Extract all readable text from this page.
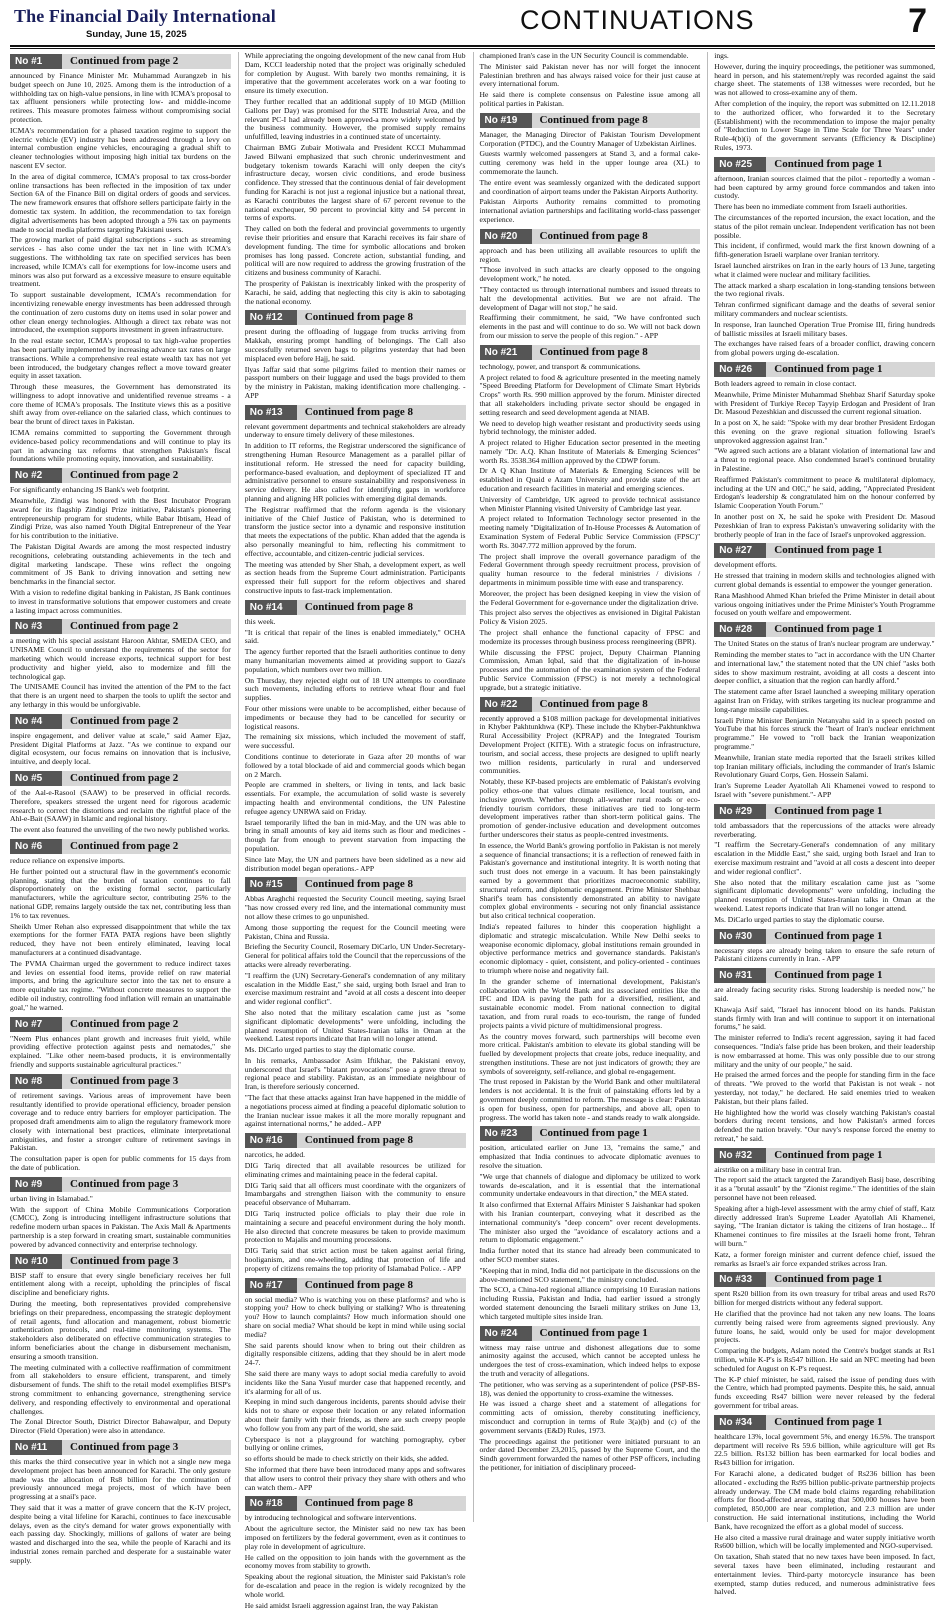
The Financial Daily International
Sunday, June 15, 2025	CONTINUATIONS	7
No #1	Continued from page 2

announced by Finance Minister Mr. Muhammad Aurangzeb in his budget speech on June 10, 2025. Among them is the introduction of a withholding tax on high-value pensions, in line with ICMA's proposal to tax affluent pensioners while protecting low- and middle-income retirees. This measure promotes fairness without compromising social protection.

ICMA's recommendation for a phased taxation regime to support the electric vehicle (EV) industry has been addressed through a levy on internal combustion engine vehicles, encouraging a gradual shift to cleaner technologies without imposing high initial tax burdens on the nascent EV sector.

In the area of digital commerce, ICMA's proposal to tax cross-border online transactions has been reflected in the imposition of tax under Section 6A of the Finance Bill on digital orders of goods and services. The new framework ensures that offshore sellers participate fairly in the domestic tax system. In addition, the recommendation to tax foreign digital advertisements has been adopted through a 5% tax on payments made to social media platforms targeting Pakistani users.

The growing market of paid digital subscriptions - such as streaming services - has also come under the tax net in line with ICMA's suggestions. The withholding tax rate on specified services has been increased, while ICMA's call for exemptions for low-income users and minors was also put forward as a excessive measure to ensure equitable treatment.

To support sustainable development, ICMA's recommendation for incentivizing renewable energy investments has been addressed through the continuation of zero customs duty on items used in solar power and other clean energy technologies. Although a direct tax rebate was not introduced, the exemption supports investment in green infrastructure.

In the real estate sector, ICMA's proposal to tax high-value properties has been partially implemented by increasing advance tax rates on large transactions. While a comprehensive real estate wealth tax has not yet been introduced, the budgetary changes reflect a move toward greater equity in asset taxation.

Through these measures, the Government has demonstrated its willingness to adopt innovative and unidentified revenue streams - a core theme of ICMA's proposals. The Institute views this as a positive shift away from over-reliance on the salaried class, which continues to bear the brunt of direct taxes in Pakistan.

ICMA remains committed to supporting the Government through evidence-based policy recommendations and will continue to play its part in advancing tax reforms that strengthen Pakistan's fiscal foundations while promoting equity, innovation, and sustainability.

No #2	Continued from page 2

For significantly enhancing JS Bank's web footprint.

Meanwhile, Zindigi was honored with the Best Incubator Program award for its flagship Zindigi Prize initiative, Pakistan's pioneering entrepreneurship program for students, while Babar Ibtisam, Head of Zindigi Prize, was also named Youth Digital Entrepreneur of the Year for his contribution to the initiative.

The Pakistan Digital Awards are among the most respected industry recognitions, celebrating outstanding achievements in the tech and digital marketing landscape. These wins reflect the ongoing commitment of JS Bank to driving innovation and setting new benchmarks in the financial sector.

With a vision to redefine digital banking in Pakistan, JS Bank continues to invest in transformative solutions that empower customers and create a lasting impact across communities.

No #3	Continued from page 2

a meeting with his special assistant Haroon Akhtar, SMEDA CEO, and UNISAME Council to understand the requirements of the sector for marketing which would increase exports, technical support for best productivity and higher yield, also to modernize and fill the technological gap.

The UNISAME Council has invited the attention of the PM to the fact that there is an urgent need to sharpen the tools to uplift the sector and any lethargy in this would be unforgivable.

No #4	Continued from page 2

inspire engagement, and deliver value at scale," said Aamer Ejaz, President Digital Platforms at Jazz. "As we continue to expand our digital ecosystem, our focus remains on innovation that is inclusive, intuitive, and deeply local.

No #5	Continued from page 2

of the Aal-e-Rasool (SAAW) to be preserved in official records. Therefore, speakers stressed the urgent need for rigorous academic research to correct the distortions and reclaim the rightful place of the Ahl-e-Bait (SAAW) in Islamic and regional history.

The event also featured the unveiling of the two newly published works.

No #6	Continued from page 2

reduce reliance on expensive imports.

He further pointed out a structural flaw in the government's economic planning, stating that the burden of taxation continues to fall disproportionately on the existing formal sector, particularly manufacturers, while the agriculture sector, contributing 25% to the national GDP, remains largely outside the tax net, contributing less than 1% to tax revenues.

Sheikh Umer Rehan also expressed disappointment that while the tax exemptions for the former FATA PATA regions have been slightly reduced, they have not been entirely eliminated, leaving local manufacturers at a continued disadvantage.

The PVMA Chairman urged the government to reduce indirect taxes and levies on essential food items, provide relief on raw material imports, and bring the agriculture sector into the tax net to ensure a more equitable tax regime. "Without concrete measures to support the edible oil industry, controlling food inflation will remain an unattainable goal," he warned.

No #7	Continued from page 2

"Neem Plus enhances plant growth and increases fruit yield, while providing effective protection against pests and nematodes," she explained. "Like other neem-based products, it is environmentally friendly and supports sustainable agricultural practices."

No #8	Continued from page 3

of retirement savings. Various areas of improvement have been resultantly identified to provide operational efficiency, broader pension coverage and to reduce entry barriers for employer participation. The proposed draft amendments aim to align the regulatory framework more closely with international best practices, eliminate interpretational ambiguities, and foster a stronger culture of retirement savings in Pakistan.

The consultation paper is open for public comments for 15 days from the date of publication.

No #9	Continued from page 3

urban living in Islamabad."

With the support of China Mobile Communications Corporation (CMCC), Zong is introducing intelligent infrastructure solutions that redefine modern urban spaces in Pakistan. The Axis Mall & Apartments partnership is a step forward in creating smart, sustainable communities powered by advanced connectivity and enterprise technology.

No #10	Continued from page 3

BISP staff to ensure that every single beneficiary receives her full entitlement along with a receipt, upholding the principles of fiscal discipline and beneficiary rights.

During the meeting, both representatives provided comprehensive briefings on their preparedness, encompassing the strategic deployment of retail agents, fund allocation and management, robust biometric authentication protocols, and real-time monitoring systems. The stakeholders also deliberated on effective communication strategies to inform beneficiaries about the change in disbursement mechanism, ensuring a smooth transition.

The meeting culminated with a collective reaffirmation of commitment from all stakeholders to ensure efficient, transparent, and timely disbursement of funds. The shift to the retail model exemplifies BISP's strong commitment to enhancing governance, strengthening service delivery, and responding effectively to environmental and operational challenges.

The Zonal Director South, District Director Bahawalpur, and Deputy Director (Field Operation) were also in attendance.

No #11	Continued from page 3

this marks the third consecutive year in which not a single new mega development project has been announced for Karachi. The only gesture made was the allocation of Rs8 billion for the continuation of previously announced mega projects, most of which have been progressing at a snail's pace.

They said that it was a matter of grave concern that the K-IV project, despite being a vital lifeline for Karachi, continues to face inexcusable delays, even as the city's demand for water grows exponentially with each passing day. Shockingly, millions of gallons of water are being wasted and discharged into the sea, while the people of Karachi and its industrial zones remain parched and desperate for a sustainable water supply.

While appreciating the ongoing development of the new canal from Hub Dam, KCCI leadership noted that the project was originally scheduled for completion by August. With barely two months remaining, it is imperative that the government accelerates work on a war footing to ensure its timely execution.

They further recalled that an additional supply of 10 MGD (Million Gallons per Day) was promised for the SITE Industrial Area, and the relevant PC-I had already been approved-a move widely welcomed by the business community. However, the promised supply remains unfulfilled, leaving industries in a continued state of uncertainty.

Chairman BMG Zubair Motiwala and President KCCI Muhammad Jawed Bilwani emphasized that such chronic underinvestment and budgetary tokenism towards Karachi will only deepen the city's infrastructure decay, worsen civic conditions, and erode business confidence. They stressed that the continuous denial of fair development funding for Karachi is not just a regional injustice but a national threat, as Karachi contributes the largest share of 67 percent revenue to the national exchequer, 90 percent to provincial kitty and 54 percent in terms of exports.

They called on both the federal and provincial governments to urgently revise their priorities and ensure that Karachi receives its fair share of development funding. The time for symbolic allocations and broken promises has long passed. Concrete action, substantial funding, and political will are now required to address the growing frustration of the citizens and business community of Karachi.

The prosperity of Pakistan is inextricably linked with the prosperity of Karachi, he said, adding that neglecting this city is akin to sabotaging the national economy.

No #12	Continued from page 8

present during the offloading of luggage from trucks arriving from Makkah, ensuring prompt handling of belongings. The Call also successfully returned seven bags to pilgrims yesterday that had been misplaced even before Hajj, he said.

Ilyas Jaffar said that some pilgrims failed to mention their names or passport numbers on their luggage and used the bags provided to them by the ministry in Pakistan, making identification more challenging. - APP

No #13	Continued from page 8

relevant government departments and technical stakeholders are already underway to ensure timely delivery of these milestones.

In addition to IT reforms, the Registrar underscored the significance of strengthening Human Resource Management as a parallel pillar of institutional reform. He stressed the need for capacity building, performance-based evaluation, and deployment of specialized IT and administrative personnel to ensure sustainability and responsiveness in service delivery. He also called for identifying gaps in workforce planning and aligning HR policies with emerging digital demands.

The Registrar reaffirmed that the reform agenda is the visionary initiative of the Chief Justice of Pakistan, who is determined to transform the justice sector into a dynamic and responsive institution that meets the expectations of the public. Khan added that the agenda is also personally meaningful to him, reflecting his commitment to effective, accountable, and citizen-centric judicial services.

The meeting was attended by Sher Shah, a development expert, as well as section heads from the Supreme Court administration. Participants expressed their full support for the reform objectives and shared constructive inputs to fast-track implementation.

No #14	Continued from page 8

this week.

"It is critical that repair of the lines is enabled immediately," OCHA said.

The agency further reported that the Israeli authorities continue to deny many humanitarian movements aimed at providing support to Gaza's population, which numbers over two million.

On Thursday, they rejected eight out of 18 UN attempts to coordinate such movements, including efforts to retrieve wheat flour and fuel supplies.

Four other missions were unable to be accomplished, either because of impediments or because they had to be cancelled for security or logistical reasons.

The remaining six missions, which included the movement of staff, were successful.

Conditions continue to deteriorate in Gaza after 20 months of war followed by a total blockade of aid and commercial goods which began on 2 March.

People are crammed in shelters, or living in tents, and lack basic essentials. For example, the accumulation of solid waste is severely impacting health and environmental conditions, the UN Palestine refugee agency UNRWA said on Friday.

Israel temporarily lifted the ban in mid-May, and the UN was able to bring in small amounts of key aid items such as flour and medicines - though far from enough to prevent starvation from impacting the population.

Since late May, the UN and partners have been sidelined as a new aid distribution model began operations.- APP

No #15	Continued from page 8

Abbas Araghchi requested the Security Council meeting, saying Israel "has now crossed every red line, and the international community must not allow these crimes to go unpunished.

Among those supporting the request for the Council meeting were Pakistan, China and Russia.

Briefing the Security Council, Rosemary DiCarlo, UN Under-Secretary-General for political affairs told the Council that the repercussions of the attacks were already reverberating.

"I reaffirm the (UN) Secretary-General's condemnation of any military escalation in the Middle East," she said, urging both Israel and Iran to exercise maximum restraint and "avoid at all costs a descent into deeper and wider regional conflict".

She also noted that the military escalation came just as "some significant diplomatic developments" were unfolding, including the planned resumption of United States-Iranian talks in Oman at the weekend. Latest reports indicate that Iran will no longer attend.

Ms. DiCarlo urged parties to stay the diplomatic course.

In his remarks, Ambassador Asim Iftikhar, the Pakistani envoy, underscored that Israel's "blatant provocations" pose a grave threat to regional peace and stability. Pakistan, as an immediate neighbour of Iran, is therefore seriously concerned.

"The fact that these attacks against Iran have happened in the middle of a negotiations process aimed at finding a peaceful diplomatic solution to the Iranian nuclear issue makes it all the more morally repugnant and against international norms," he added.- APP

No #16	Continued from page 8

narcotics, he added.

DIG Tariq directed that all available resources be utilized for eliminating crimes and maintaining peace in the federal capital.

DIG Tariq said that all officers must coordinate with the organizers of Imambargahs and strengthen liaison with the community to ensure peaceful observance of Muharram.

DIG Tariq instructed police officials to play their due role in maintaining a secure and peaceful environment during the holy month. He also directed that concrete measures be taken to provide maximum protection to Majalis and mourning processions.

DIG Tariq said that strict action must be taken against aerial firing, hooliganism, and one-wheeling, adding that protection of life and property of citizens remains the top priority of Islamabad Police. - APP

No #17	Continued from page 8

on social media? Who is watching you on these platforms? and who is stopping you? How to check bullying or stalking? Who is threatening you? How to launch complaints? How much information should one share on social media? What should be kept in mind while using social media?

She said parents should know when to bring out their children as digitally responsible citizens, adding that they should be in alert mode 24-7.

She said there are many ways to adopt social media carefully to avoid incidents like the Sana Yusuf murder case that happened recently, and it's alarming for all of us.

Keeping in mind such dangerous incidents, parents should advise their kids not to share or expose their location or any related information about their family with their friends, as there are such creepy people who follow you from any part of the world, she said.

Cyberspace is not a playground for watching pornography, cyber bullying or online crimes,

so efforts should be made to check strictly on their kids, she added.

She informed that there have been introduced many apps and softwares that allow users to control their privacy they share with others and who can watch them.- APP

No #18	Continued from page 8

by introducing technological and software interventions.

About the agriculture sector, the Minister said no new tax has been imposed on fertilizers by the federal government, even as it continues to play role in development of agriculture.

He called on the opposition to join hands with the government as the economy moves from stability to growth.

Speaking about the regional situation, the Minister said Pakistan's role for de-escalation and peace in the region is widely recognized by the whole world.

He said amidst Israeli aggression against Iran, the way Pakistan

championed Iran's case in the UN Security Council is commendable.

The Minister said Pakistan never has nor will forget the innocent Palestinian brethren and has always raised voice for their just cause at every international forum.

He said there is complete consensus on Palestine issue among all political parties in Pakistan.

No #19	Continued from page 8

Manager, the Managing Director of Pakistan Tourism Development Corporation (PTDC), and the Country Manager of Uzbekistan Airlines.

Guests warmly welcomed passengers at Stand 3, and a formal cake-cutting ceremony was held in the upper lounge area (XL) to commemorate the launch.

The entire event was seamlessly organized with the dedicated support and coordination of airport teams under the Pakistan Airports Authority.

Pakistan Airports Authority remains committed to promoting international aviation partnerships and facilitating world-class passenger experience.

No #20	Continued from page 8

approach and has been utilizing all available resources to uplift the region.

"Those involved in such attacks are clearly opposed to the ongoing development work," he noted.

"They contacted us through international numbers and issued threats to halt the developmental activities. But we are not afraid. The development of Dagar will not stop," he said.

Reaffirming their commitment, he said, "We have confronted such elements in the past and will continue to do so. We will not back down from our mission to serve the people of this region." - APP

No #21	Continued from page 8

technology, power, and transport & communications.

A project related to food & agriculture presented in the meeting namely "Speed Breeding Platform for Development of Climate Smart Hybrids Crops" worth Rs. 990 million approved by the forum. Minister directed that all stakeholders including private sector should be engaged in setting research and seed development agenda at NIAB.

We need to develop high weather resistant and productivity seeds using hybrid technology, the minister added.

A project related to Higher Education sector presented in the meeting namely "Dr. A.Q. Khan Institute of Materials & Emerging Sciences" worth Rs. 3538.364 million approved by the CDWP forum.

Dr A Q Khan Institute of Materials & Emerging Sciences will be established in Quaid e Azam University and provide state of the art education and research facilities in material and emerging sciences.

University of Cambridge, UK agreed to provide technical assistance when Minister Planning visited University of Cambridge last year.

A project related to Information Technology sector presented in the meeting namely "Digitalization of In-House Processes & Automation of Examination System of Federal Public Service Commission (FPSC)" worth Rs. 3047.772 million approved by the forum.

The project shall improve the overall governance paradigm of the Federal Government through speedy recruitment process, provision of quality human resource to the federal ministries / divisions / departments in minimum possible time with ease and transparency.

Moreover, the project has been designed keeping in view the vision of the Federal Government for e-governance under the digitalization drive.

This project also serves the objectives as envisioned in Digital Pakistan Policy & Vision 2025.

The project shall enhance the functional capacity of FPSC and modernize its processes through business process reengineering (BPR).

While discussing the FPSC project, Deputy Chairman Planning Commission, Aman Iqbal, said that the digitalization of in-house processes and the automation of the examination system of the Federal Public Service Commission (FPSC) is not merely a technological upgrade, but a strategic initiative.

No #22	Continued from page 8

recently approved a $108 million package for developmental initiatives in Khyber Pakhtunkhwa (KP). These include the Khyber-Pakhtunkhwa Rural Accessibility Project (KPRAP) and the Integrated Tourism Development Project (KITE). With a strategic focus on infrastructure, tourism, and social access, these projects are designed to uplift nearly two million residents, particularly in rural and underserved communities.

Notably, these KP-based projects are emblematic of Pakistan's evolving policy ethos-one that values climate resilience, local tourism, and inclusive growth. Whether through all-weather rural roads or eco-friendly tourism corridors, these initiatives are tied to long-term development imperatives rather than short-term political gains. The promotion of gender-inclusive education and development outcomes further underscores their status as people-centred investments.

In essence, the World Bank's growing portfolio in Pakistan is not merely a sequence of financial transactions; it is a reflection of renewed faith in Pakistan's governance and institutional integrity. It is worth noting that such trust does not emerge in a vacuum. It has been painstakingly earned by a government that prioritizes macroeconomic stability, structural reform, and diplomatic engagement. Prime Minister Shehbaz Sharif's team has consistently demonstrated an ability to navigate complex global environments - securing not only financial assistance but also critical technical cooperation.

India's repeated failures to hinder this cooperation highlight a diplomatic and strategic miscalculation. While New Delhi seeks to weaponise economic diplomacy, global institutions remain grounded in objective performance metrics and governance standards. Pakistan's economic diplomacy - quiet, consistent, and policy-oriented - continues to triumph where noise and negativity fail.

In the grander scheme of international development, Pakistan's collaboration with the World Bank and its associated entities like the IFC and IDA is paving the path for a diversified, resilient, and sustainable economic model. From national connection to digital taxation, and from rural roads to eco-tourism, the range of funded projects paints a vivid picture of multidimensional progress.

As the country moves forward, such partnerships will become even more critical. Pakistan's ambition to elevate its global standing will be fuelled by development projects that create jobs, reduce inequality, and strengthen institutions. These are not just indicators of growth; they are symbols of sovereignty, self-reliance, and global re-engagement.

The trust reposed in Pakistan by the World Bank and other multilateral lenders is not accidental. It is the fruit of painstaking efforts led by a government deeply committed to reform. The message is clear: Pakistan is open for business, open for partnerships, and above all, open to progress. The world has taken note - and stands ready to walk alongside.

No #23	Continued from page 1

position, articulated earlier on June 13, "remains the same," and emphasized that India continues to advocate diplomatic avenues to resolve the situation.

"We urge that channels of dialogue and diplomacy be utilized to work towards de-escalation, and it is essential that the international community undertake endeavours in that direction," the MEA stated.

It also confirmed that External Affairs Minister S Jaishankar had spoken with his Iranian counterpart, conveying what it described as the international community's "deep concern" over recent developments. The minister also urged the "avoidance of escalatory actions and a return to diplomatic engagement."

India further noted that its stance had already been communicated to other SCO member states.

"Keeping that in mind, India did not participate in the discussions on the above-mentioned SCO statement," the ministry concluded.

The SCO, a China-led regional alliance comprising 10 Eurasian nations including Russia, Pakistan and India, had earlier issued a strongly worded statement denouncing the Israeli military strikes on June 13, which targeted multiple sites inside Iran.

No #24	Continued from page 1

witness may raise untrue and dishonest allegations due to some animosity against the accused, which cannot be accepted unless he undergoes the test of cross-examination, which indeed helps to expose the truth and veracity of allegations.

The petitioner, who was serving as a superintendent of police (PSP-BS-18), was denied the opportunity to cross-examine the witnesses.

He was issued a charge sheet and a statement of allegations for committing acts of omission, thereby constituting inefficiency, misconduct and corruption in terms of Rule 3(a)(b) and (c) of the government servants (E&D) Rules, 1973.

The proceedings against the petitioner were initiated pursuant to an order dated December 23,2015, passed by the Supreme Court, and the Sindh government forwarded the names of other PSP officers, including the petitioner, for initiation of disciplinary proceed-

ings.

However, during the inquiry proceedings, the petitioner was summoned, heard in person, and his statement/reply was recorded against the said charge sheet. The statements of 138 witnesses were recorded, but he was not allowed to cross-examine any of them.

After completion of the inquiry, the report was submitted on 12.11.2018 to the authorized officer, who forwarded it to the Secretary (Establishment) with the recommendation to impose the major penalty of "Reduction to Lower Stage in Time Scale for Three Years" under Rule-4(b)(i) of the government servants (Efficiency & Discipline) Rules, 1973.

No #25	Continued from page 1

afternoon, Iranian sources claimed that the pilot - reportedly a woman - had been captured by army ground force commandos and taken into custody.

There has been no immediate comment from Israeli authorities.

The circumstances of the reported incursion, the exact location, and the status of the pilot remain unclear. Independent verification has not been possible.

This incident, if confirmed, would mark the first known downing of a fifth-generation Israeli warplane over Iranian territory.

Israel launched airstrikes on Iran in the early hours of 13 June, targeting what it claimed were nuclear and military facilities.

The attack marked a sharp escalation in long-standing tensions between the two regional rivals.

Tehran confirmed significant damage and the deaths of several senior military commanders and nuclear scientists.

In response, Iran launched Operation True Promise III, firing hundreds of ballistic missiles at Israeli military bases.

The exchanges have raised fears of a broader conflict, drawing concern from global powers urging de-escalation.

No #26	Continued from page 1

Both leaders agreed to remain in close contact.

Meanwhile, Prime Minister Muhammad Shehbaz Sharif Saturday spoke with President of Turkiye Recep Tayyip Erdogan and President of Iran Dr. Masoud Pezeshkian and discussed the current regional situation.

In a post on X, he said: "Spoke with my dear brother President Erdogan this evening on the grave regional situation following Israel's unprovoked aggression against Iran."

"We agreed such actions are a blatant violation of international law and a threat to regional peace. Also condemned Israel's continued brutality in Palestine.

Reaffirmed Pakistan's commitment to peace & multilateral diplomacy, including at the UN and OIC," he said, adding, "Appreciated President Erdogan's leadership & congratulated him on the honour conferred by Islamic Cooperation Youth Forum."

In another post on X, he said he spoke with President Dr. Masoud Pezeshkian of Iran to express Pakistan's unwavering solidarity with the brotherly people of Iran in the face of Israel's unprovoked aggression.

No #27	Continued from page 1

development efforts.

He stressed that training in modern skills and technologies aligned with current global demands is essential to empower the younger generation.

Rana Mashhood Ahmed Khan briefed the Prime Minister in detail about various ongoing initiatives under the Prime Minister's Youth Programme focused on youth welfare and empowerment.

No #28	Continued from page 1

The United States on the status of Iran's nuclear program are underway."

Reminding the member states to "act in accordance with the UN Charter and international law," the statement noted that the UN chief "asks both sides to show maximum restraint, avoiding at all costs a descent into deeper conflict, a situation that the region can hardly afford."

The statement came after Israel launched a sweeping military operation against Iran on Friday, with strikes targeting its nuclear programme and long-range missile capabilities.

Israeli Prime Minister Benjamin Netanyahu said in a speech posted on YouTube that his forces struck the "heart of Iran's nuclear enrichment programme." He vowed to "roll back the Iranian weaponization programme."

Meanwhile, Iranian state media reported that the Israeli strikes killed top Iranian military officials, including the commander of Iran's Islamic Revolutionary Guard Corps, Gen. Hossein Salami.

Iran's Supreme Leader Ayatollah Ali Khamenei vowed to respond to Israel with "severe punishment."- APP

No #29	Continued from page 1

told ambassadors that the repercussions of the attacks were already reverberating.

"I reaffirm the Secretary-General's condemnation of any military escalation in the Middle East," she said, urging both Israel and Iran to exercise maximum restraint and "avoid at all costs a descent into deeper and wider regional conflict".

She also noted that the military escalation came just as "some significant diplomatic developments" were unfolding, including the planned resumption of United States-Iranian talks in Oman at the weekend. Latest reports indicate that Iran will no longer attend.

Ms. DiCarlo urged parties to stay the diplomatic course.

No #30	Continued from page 1

necessary steps are already being taken to ensure the safe return of Pakistani citizens currently in Iran. - APP

No #31	Continued from page 1

are already facing security risks. Strong leadership is needed now," he said.

Khawaja Asif said, "Israel has innocent blood on its hands. Pakistan stands firmly with Iran and will continue to support it on international forums," he said.

The minister referred to India's recent aggression, saying it had faced consequences. "India's false pride has been broken, and their leadership is now embarrassed at home. This was only possible due to our strong military and the unity of our people," he said.

He praised the armed forces and the people for standing firm in the face of threats. "We proved to the world that Pakistan is not weak - not yesterday, not today," he declared. He said enemies tried to weaken Pakistan, but their plans failed.

He highlighted how the world was closely watching Pakistan's coastal borders during recent tensions, and how Pakistan's armed forces defended the nation bravely. "Our navy's response forced the enemy to retreat," he said.

No #32	Continued from page 1

airstrike on a military base in central Iran.

The report said the attack targeted the Zarandiyeh Basij base, describing it as a "brutal assault" by the "Zionist regime." The identities of the slain personnel have not been released.

Speaking after a high-level assessment with the army chief of staff, Katz directly addressed Iran's Supreme Leader Ayatollah Ali Khamenei, saying, "The Iranian dictator is taking the citizens of Iran hostage... If Khamenei continues to fire missiles at the Israeli home front, Tehran will burn."

Katz, a former foreign minister and current defence chief, issued the remarks as Israel's air force expanded strikes across Iran.

No #33	Continued from page 1

spent Rs20 billion from its own treasury for tribal areas and used Rs70 billion for merged districts without any federal support.

He clarified that the province had not taken any new loans. The loans currently being raised were from agreements signed previously. Any future loans, he said, would only be used for major development projects.

Comparing the budgets, Aslam noted the Centre's budget stands at Rs1 trillion, while K-P's is Rs547 billion. He said an NFC meeting had been scheduled for August on K-P's request.

The K-P chief minister, he said, raised the issue of pending dues with the Centre, which had prompted payments. Despite this, he said, annual funds exceeding Rs47 billion were never released by the federal government for tribal areas.

No #34	Continued from page 1

healthcare 13%, local government 5%, and energy 16.5%. The transport department will receive Rs 59.6 billion, while agriculture will get Rs 22.5 billion. Rs132 billion has been earmarked for local bodies and Rs43 billion for irrigation.

For Karachi alone, a dedicated budget of Rs236 billion has been allocated - excluding the Rs95 billion public-private partnership projects already underway. The CM made bold claims regarding rehabilitation efforts for flood-affected areas, stating that 500,000 houses have been completed, 850,000 are near completion, and 2.3 million are under construction. He said international institutions, including the World Bank, have recognized the effort as a global model of success.

He also cited a massive rural drainage and water supply initiative worth Rs600 billion, which will be locally implemented and NGO-supervised.

On taxation, Shah stated that no new taxes have been imposed. In fact, several taxes have been eliminated, including restaurant and entertainment levies. Third-party motorcycle insurance has been exempted, stamp duties reduced, and numerous administrative fees halved.
